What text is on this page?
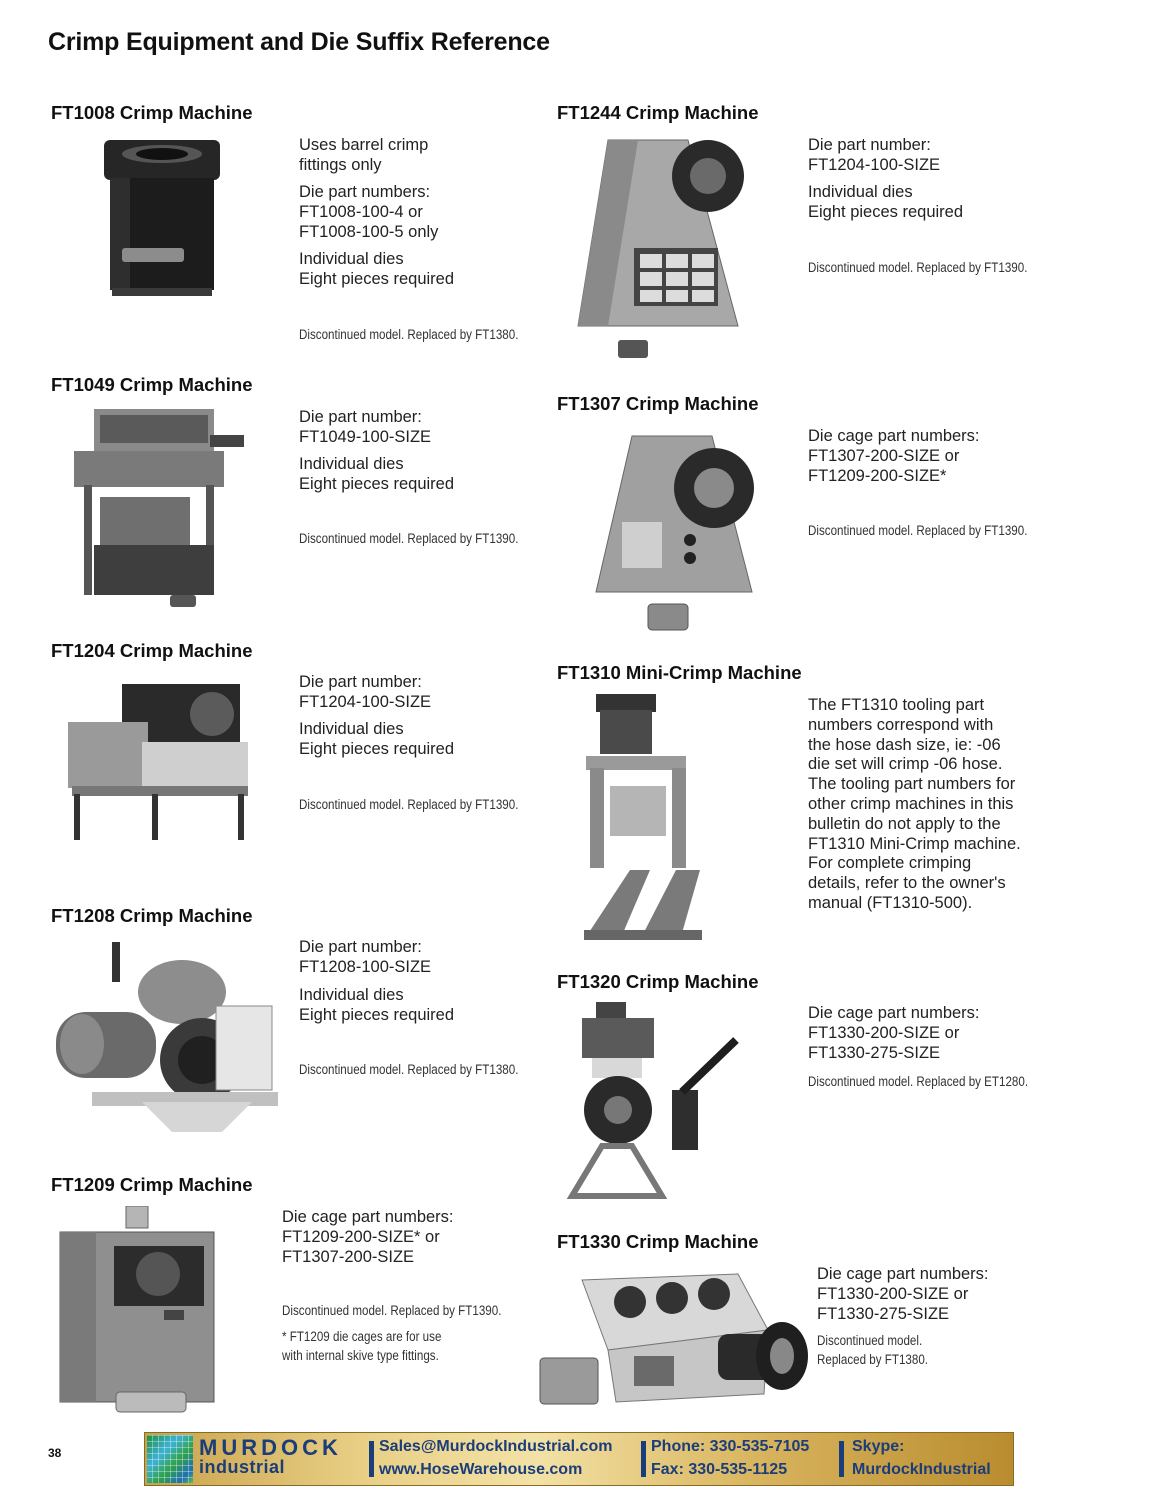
Crimp Equipment and Die Suffix Reference
FT1008 Crimp Machine
Uses barrel crimp
fittings only
Die part numbers:
FT1008-100-4 or
FT1008-100-5 only
Individual dies
Eight pieces required
Discontinued model. Replaced by FT1380.
FT1049 Crimp Machine
Die part number:
FT1049-100-SIZE
Individual dies
Eight pieces required
Discontinued model. Replaced by FT1390.
FT1204 Crimp Machine
Die part number:
FT1204-100-SIZE
Individual dies
Eight pieces required
Discontinued model. Replaced by FT1390.
FT1208 Crimp Machine
Die part number:
FT1208-100-SIZE
Individual dies
Eight pieces required
Discontinued model. Replaced by FT1380.
FT1209 Crimp Machine
Die cage part numbers:
FT1209-200-SIZE* or
FT1307-200-SIZE
Discontinued model. Replaced by FT1390.
* FT1209 die cages are for use
with internal skive type fittings.
FT1244 Crimp Machine
Die part number:
FT1204-100-SIZE
Individual dies
Eight pieces required
Discontinued model. Replaced by FT1390.
FT1307 Crimp Machine
Die cage part numbers:
FT1307-200-SIZE or
FT1209-200-SIZE*
Discontinued model. Replaced by FT1390.
FT1310 Mini-Crimp Machine
The FT1310 tooling part
numbers correspond with
the hose dash size, ie: -06
die set will crimp -06 hose.
The tooling part numbers for
other crimp machines in this
bulletin do not apply to the
FT1310 Mini-Crimp machine.
For complete crimping
details, refer to the owner's
manual (FT1310-500).
FT1320 Crimp Machine
Die cage part numbers:
FT1330-200-SIZE or
FT1330-275-SIZE
Discontinued model. Replaced by ET1280.
FT1330 Crimp Machine
Die cage part numbers:
FT1330-200-SIZE or
FT1330-275-SIZE
Discontinued model.
Replaced by FT1380.
38	MURDOCK
industrial
Sales@MurdockIndustrial.com
www.HoseWarehouse.com
Phone: 330-535-7105
Fax: 330-535-1125
Skype:
MurdockIndustrial
